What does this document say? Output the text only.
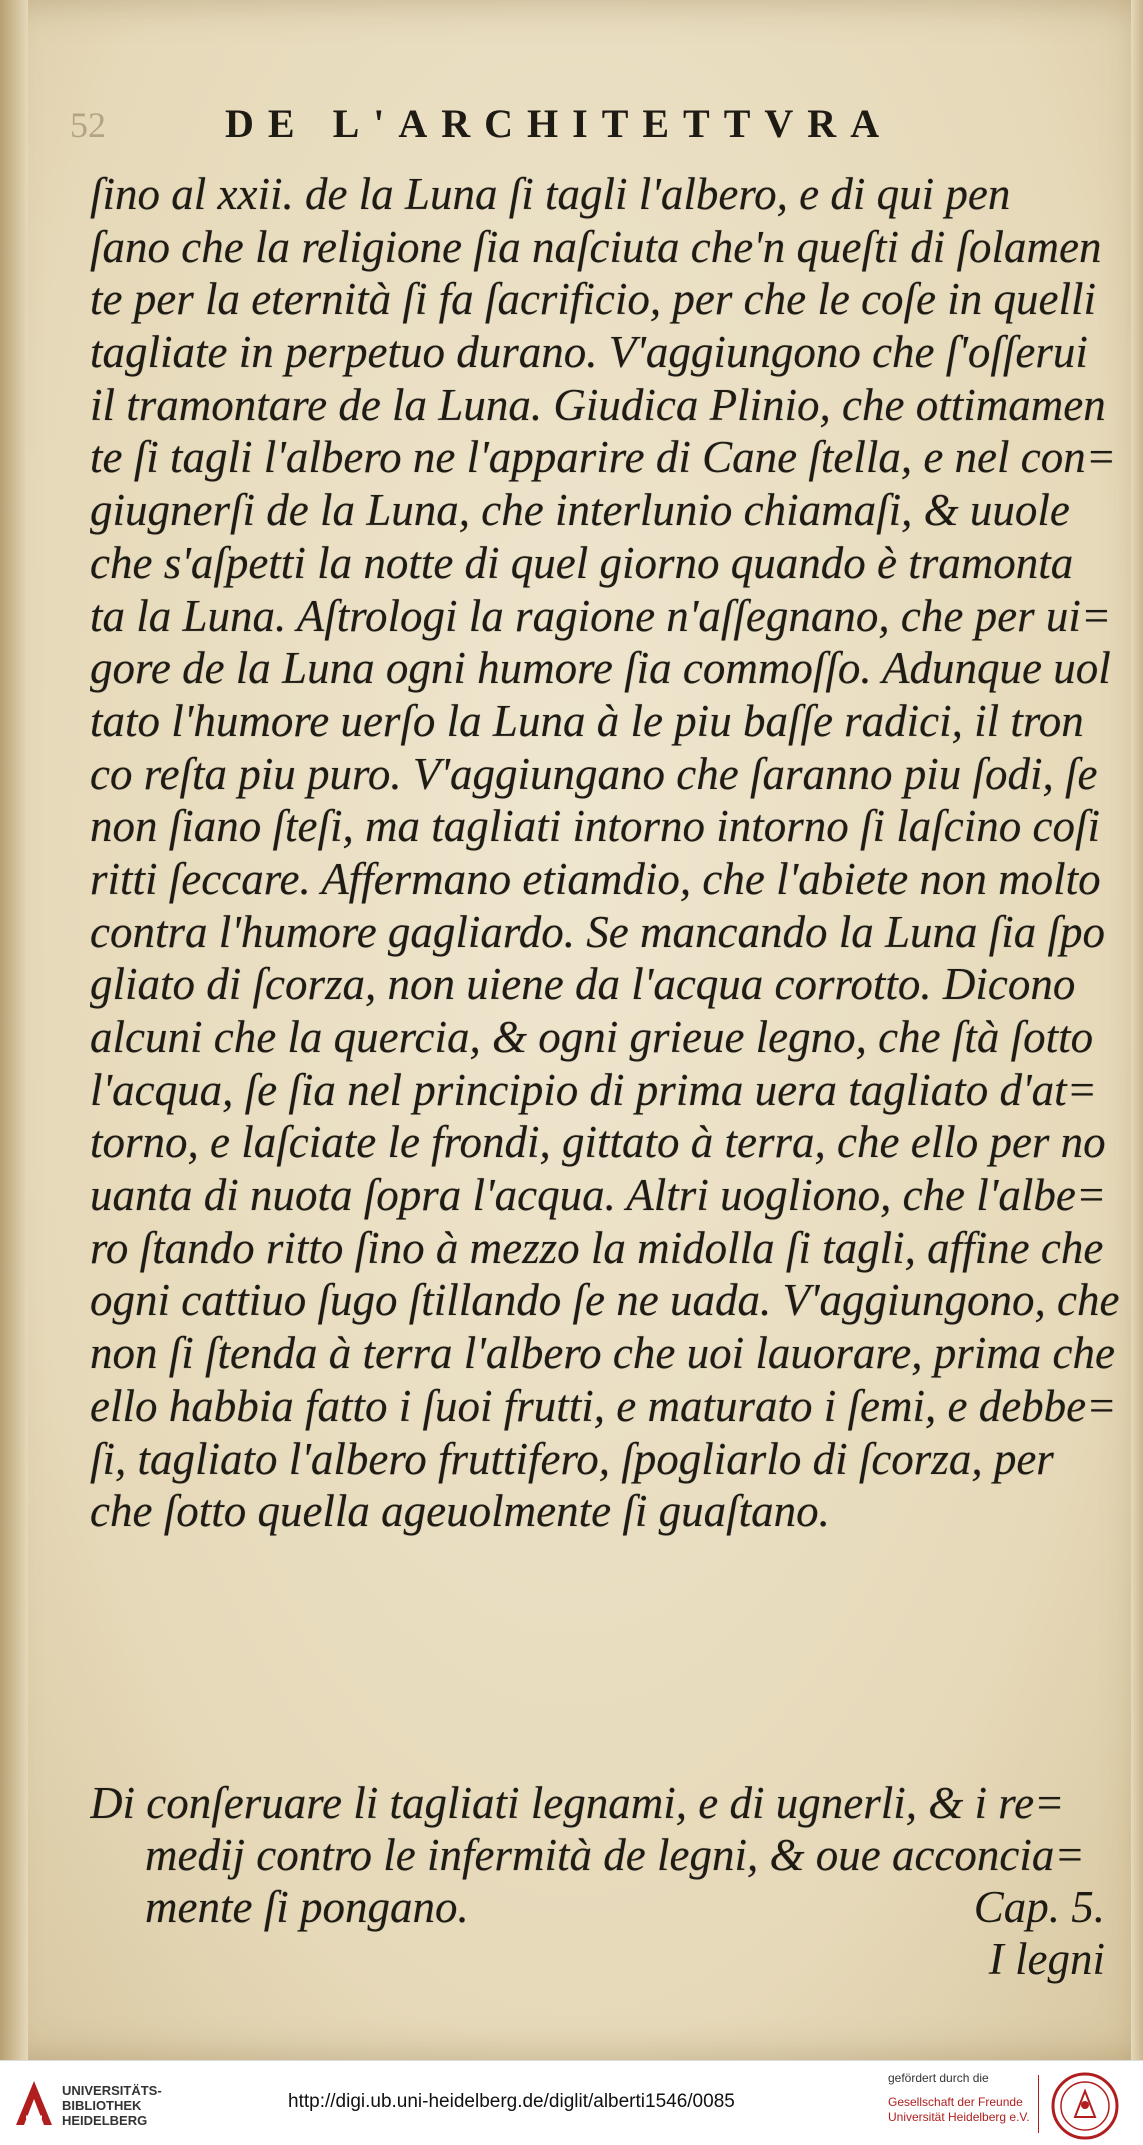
52	DE L'ARCHITETTVRA
ſino al xxii. de la Luna ſi tagli l'albero, e di qui pen
ſano che la religione ſia naſciuta che'n queſti di ſolamen
te per la eternità ſi fa ſacrificio, per che le coſe in quelli
tagliate in perpetuo durano. V'aggiungono che ſ'oſſerui
il tramontare de la Luna. Giudica Plinio, che ottimamen
te ſi tagli l'albero ne l'apparire di Cane ſtella, e nel con=
giugnerſi de la Luna, che interlunio chiamaſi, & uuole
che s'aſpetti la notte di quel giorno quando è tramonta
ta la Luna. Aſtrologi la ragione n'aſſegnano, che per ui=
gore de la Luna ogni humore ſia commoſſo. Adunque uol
tato l'humore uerſo la Luna à le piu baſſe radici, il tron
co reſta piu puro. V'aggiungano che ſaranno piu ſodi, ſe
non ſiano ſteſi, ma tagliati intorno intorno ſi laſcino coſi
ritti ſeccare. Affermano etiamdio, che l'abiete non molto
contra l'humore gagliardo. Se mancando la Luna ſia ſpo
gliato di ſcorza, non uiene da l'acqua corrotto. Dicono
alcuni che la quercia, & ogni grieue legno, che ſtà ſotto
l'acqua, ſe ſia nel principio di prima uera tagliato d'at=
torno, e laſciate le frondi, gittato à terra, che ello per no
uanta di nuota ſopra l'acqua. Altri uogliono, che l'albe=
ro ſtando ritto ſino à mezzo la midolla ſi tagli, affine che
ogni cattiuo ſugo ſtillando ſe ne uada. V'aggiungono, che
non ſi ſtenda à terra l'albero che uoi lauorare, prima che
ello habbia fatto i ſuoi frutti, e maturato i ſemi, e debbe=
ſi, tagliato l'albero fruttifero, ſpogliarlo di ſcorza, per
che ſotto quella ageuolmente ſi guaſtano.
Di conſeruare li tagliati legnami, e di ugnerli, & i re=
medij contro le infermità de legni, & oue acconcia=
mente ſi pongano.	Cap. 5.
I legni
UNIVERSITÄTS-
BIBLIOTHEK
HEIDELBERG
http://digi.ub.uni-heidelberg.de/diglit/alberti1546/0085
gefördert durch die
Gesellschaft der Freunde
Universität Heidelberg e.V.
